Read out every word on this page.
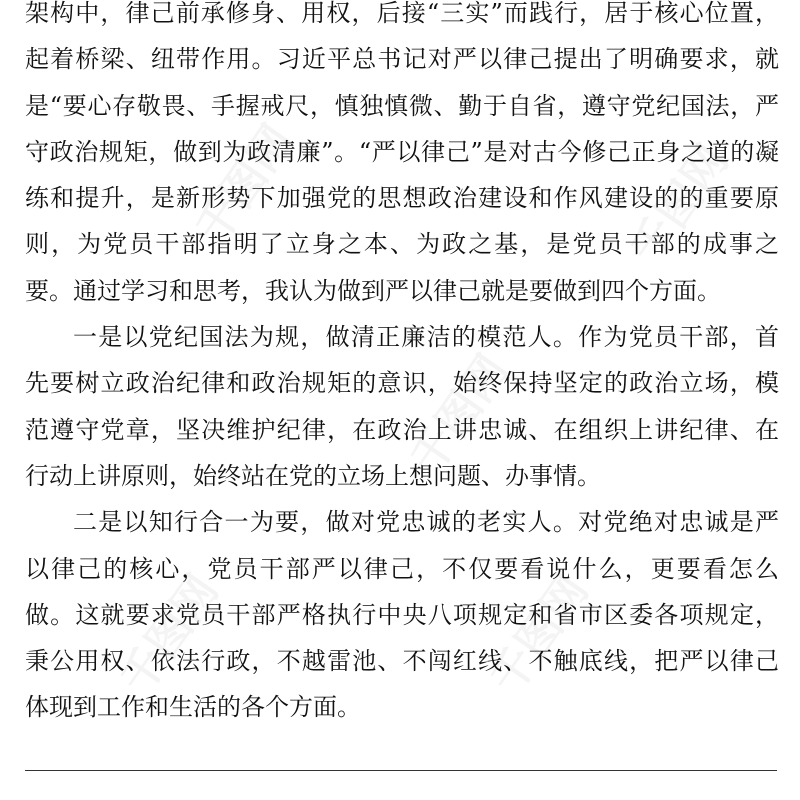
千图网
千图网
千图网
千图网
千图网
架构中，律己前承修身、用权，后接“三实”而践行，居于核心位置，
起着桥梁、纽带作用。习近平总书记对严以律己提出了明确要求，就
是“要心存敬畏、手握戒尺，慎独慎微、勤于自省，遵守党纪国法，严
守政治规矩，做到为政清廉”。“严以律己”是对古今修己正身之道的凝
练和提升，是新形势下加强党的思想政治建设和作风建设的的重要原
则，为党员干部指明了立身之本、为政之基，是党员干部的成事之
要。通过学习和思考，我认为做到严以律己就是要做到四个方面。
一是以党纪国法为规，做清正廉洁的模范人。作为党员干部，首
先要树立政治纪律和政治规矩的意识，始终保持坚定的政治立场，模
范遵守党章，坚决维护纪律，在政治上讲忠诚、在组织上讲纪律、在
行动上讲原则，始终站在党的立场上想问题、办事情。
二是以知行合一为要，做对党忠诚的老实人。对党绝对忠诚是严
以律己的核心，党员干部严以律己，不仅要看说什么，更要看怎么
做。这就要求党员干部严格执行中央八项规定和省市区委各项规定，
秉公用权、依法行政，不越雷池、不闯红线、不触底线，把严以律己
体现到工作和生活的各个方面。
